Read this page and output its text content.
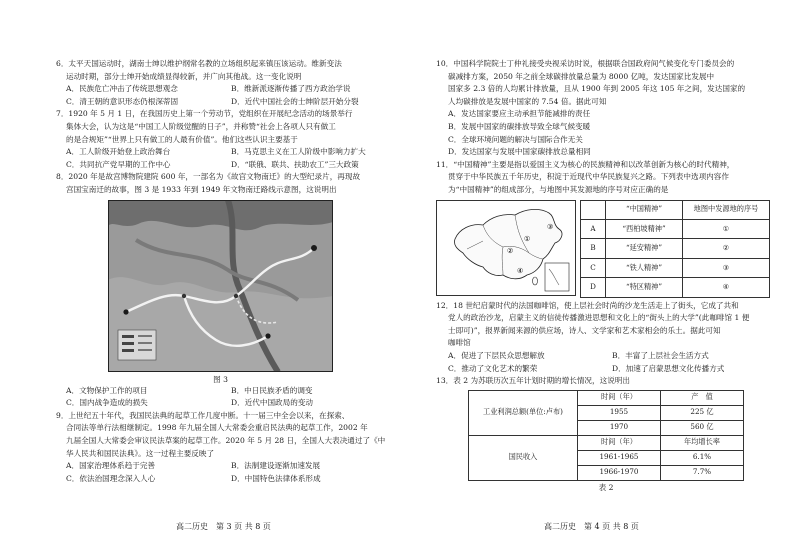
6．太平天国运动时，湖南士绅以维护纲常名教的立场组织起来镇压该运动。维新变法

运动时期，部分士绅开始成绩显得较新，并广向其他战。这一变化说明

A．民族危亡冲击了传统思想观念	B．维新派逐渐传播了西方政治学说
C．清王朝的意识形态仍根深蒂固	D．近代中国社会的士绅阶层开始分裂

7．1920 年 5 月 1 日，在我国历史上第一个劳动节，党组织在开展纪念活动的场景举行

集体大会，认为这是“中国工人阶级觉醒的日子”，并称赞“社会上各项人只有做工

的是合规矩”“世界上只有做工的人最有价值”。他们这些认识主要基于

A．工人阶级开始登上政治舞台	B．马克思主义在工人阶级中影响力扩大
C．共同抗产党早期的工作中心	D．“联俄、联共、扶助农工”三大政策

8．2020 年是故宫博物院建院 600 年，一部名为《故宫文物南迁》的大型纪录片，再现故

宫国宝南迁的故事，图 3 是 1933 年到 1949 年文物南迁路线示意图，这说明出

图 3
A．文物保护工作的项目	B．中日民族矛盾的调变
C．国内战争造成的损失	D．近代中国政局的变动

9．上世纪五十年代，我国民法典的起草工作几度中断。十一届三中全会以来，在探索、

合同法等单行法相继制定。1998 年九届全国人大常委会重启民法典的起草工作，2002 年

九届全国人大常委会审议民法草案的起草工作。2020 年 5 月 28 日，全国人大表决通过了《中

华人民共和国民法典》。这一过程主要反映了

A．国家治理体系趋于完善	B．法制建设逐渐加速发展
C．依法治国理念深入人心	D．中国特色法律体系形成

10．中国科学院院士丁仲礼接受央视采访时说，根据联合国政府间气候变化专门委员会的

碳减排方案，2050 年之前全球碳排放量总量为 8000 亿吨，发达国家比发展中

国家多 2.3 倍的人均累计排放量，且从 1900 年到 2005 年这 105 年之间，发达国家的

人均碳排放是发展中国家的 7.54 倍。据此可知

A．发达国家要应主动承担节能减排的责任

B．发展中国家的碳排放导致全球气候变暖

C．全球环境问题的解决与国际合作无关

D．发达国家与发展中国家碳排放总量相同

11．“中国精神”主要是指以爱国主义为核心的民族精神和以改革创新为核心的时代精神，

贯穿于中华民族五千年历史，积淀于近现代中华民族复兴之路。下列表中选项内容作

为“中国精神”的组成部分，与地图中其发源地的序号对应正确的是

①
②
③
④
	“中国精神”	地图中发源地的序号
A	“西柏坡精神”	①
B	“延安精神”	②
C	“铁人精神”	③
D	“特区精神”	④

12．18 世纪启蒙时代的法国咖啡馆，使上层社会时尚的沙龙生活走上了街头，它成了共和

党人的政治沙龙，启蒙主义的信徒传播激进思想和文化上的“街头上的大学”(此咖啡馆 1 便

士即可)”，报界新闻来源的供应场，诗人、文学家和艺术家相会的乐土。据此可知

咖啡馆

A．促进了下层民众思想解放	B．丰富了上层社会生活方式
C．推动了文化艺术的繁荣	D．加速了启蒙思想文化传播方式

13．表 2 为苏联历次五年计划时期的增长情况，这说明出

工业利润总额(单位:卢布)	时间（年）	产　值
	1955	225 亿
	1970	560 亿
国民收入	时间（年）	年均增长率
	1961-1965	6.1%
	1966-1970	7.7%
表 2
高二历史　第 3 页 共 8 页	高二历史　第 4 页 共 8 页
